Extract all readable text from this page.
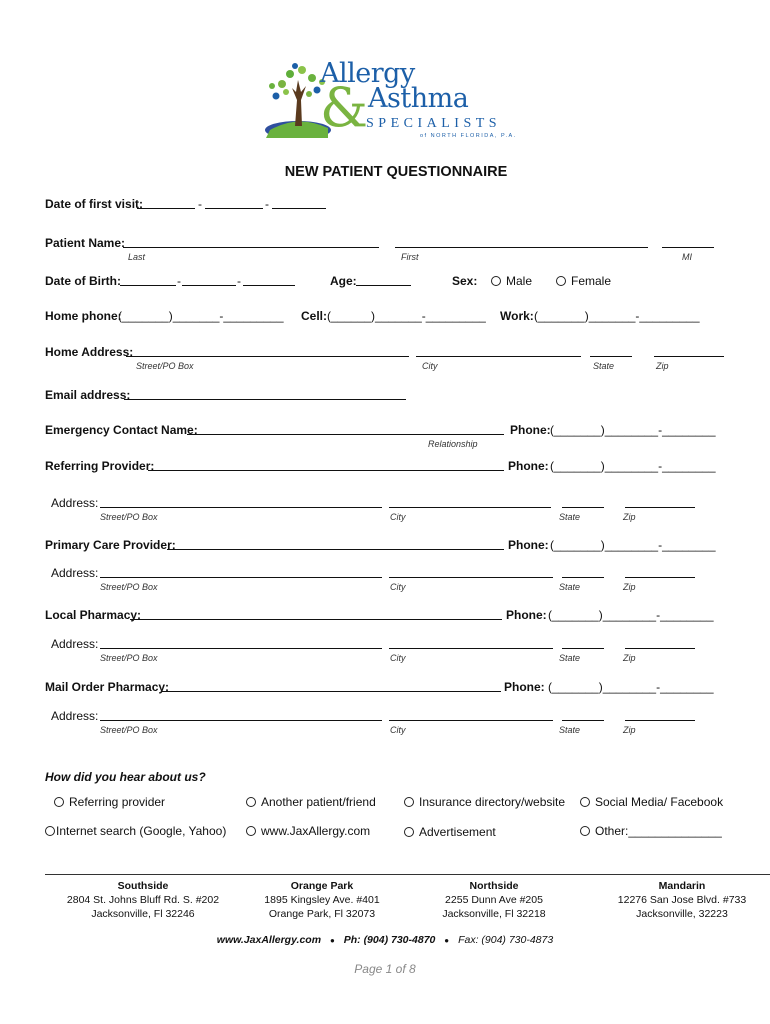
Allergy
& Asthma
SPECIALISTS
of NORTH FLORIDA, P.A.
NEW PATIENT QUESTIONNAIRE
Date of first visit:	-	-
Patient Name:
Last	First	MI
Date of Birth:	-	-	Age:	Sex: Male	Female
Home phone:
(_______)_______-_________ Cell: (______)_______-_________ Work: (_______)_______-_________
Home Address:
Street/PO Box	City	State	Zip
Email address:
Emergency Contact Name:
Relationship
Phone: (_______)________-________
Referring Provider:	Phone: (_______)________-________
Address:
Street/PO Box	City	State	Zip
Primary Care Provider:	Phone: (_______)________-________
Address:
Street/PO Box	City	State	Zip
Local Pharmacy:	Phone: (_______)________-________
Address:
Street/PO Box	City	State	Zip
Mail Order Pharmacy:	Phone: (_______)________-________
Address:
Street/PO Box	City	State	Zip
How did you hear about us?
Referring provider	Another patient/friend	Insurance directory/website Social Media/ Facebook
Internet search (Google, Yahoo)	www.JaxAllergy.com	Advertisement	Other:______________
Southside
2804 St. Johns Bluff Rd. S. #202
Jacksonville, Fl 32246
Orange Park
1895 Kingsley Ave. #401
Orange Park, Fl 32073
Northside
2255 Dunn Ave #205
Jacksonville, Fl 32218
Mandarin
12276 San Jose Blvd. #733
Jacksonville, 32223
www.JaxAllergy.com ● Ph: (904) 730-4870 ● Fax: (904) 730-4873
Page 1 of 8
